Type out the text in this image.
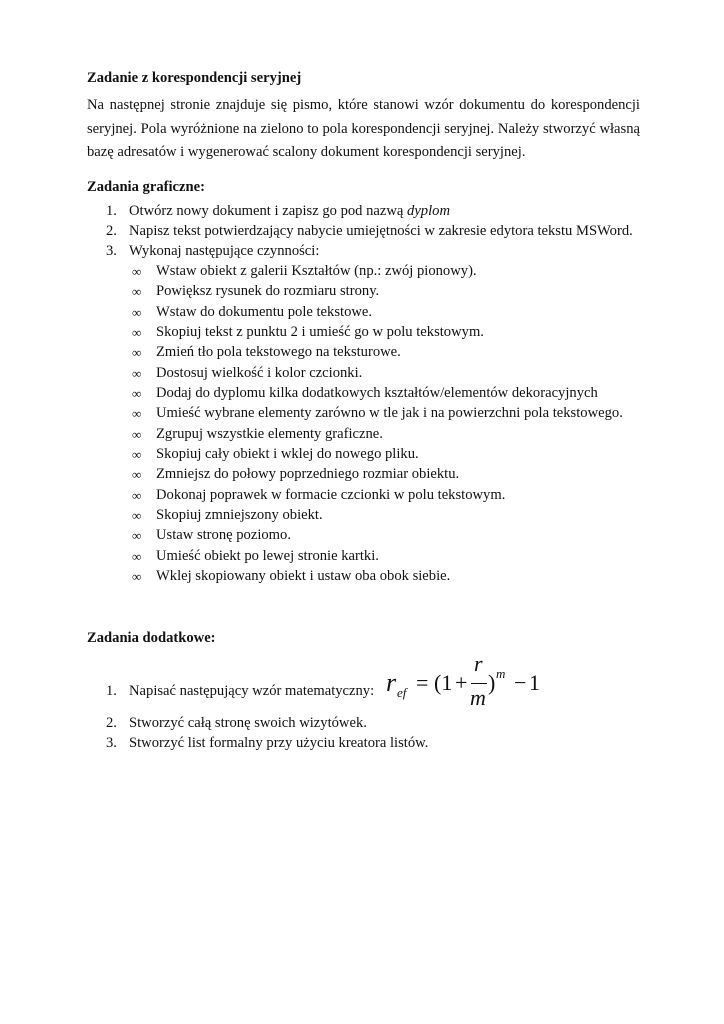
Zadanie z korespondencji seryjnej
Na następnej stronie znajduje się pismo, które stanowi wzór dokumentu do korespondencji seryjnej. Pola wyróżnione na zielono to pola korespondencji seryjnej. Należy stworzyć własną bazę adresatów i wygenerować scalony dokument korespondencji seryjnej.
Zadania graficzne:
1. Otwórz nowy dokument i zapisz go pod nazwą dyplom
2. Napisz tekst potwierdzający nabycie umiejętności w zakresie edytora tekstu MSWord.
3. Wykonaj następujące czynności:
∞ Wstaw obiekt z galerii Kształtów (np.: zwój pionowy).
∞ Powiększ rysunek do rozmiaru strony.
∞ Wstaw do dokumentu pole tekstowe.
∞ Skopiuj tekst z punktu 2 i umieść go w polu tekstowym.
∞ Zmień tło pola tekstowego na teksturowe.
∞ Dostosuj wielkość i kolor czcionki.
∞ Dodaj do dyplomu kilka dodatkowych kształtów/elementów dekoracyjnych
∞ Umieść wybrane elementy zarówno w tle jak i na powierzchni pola tekstowego.
∞ Zgrupuj wszystkie elementy graficzne.
∞ Skopiuj cały obiekt i wklej do nowego pliku.
∞ Zmniejsz do połowy poprzedniego rozmiar obiektu.
∞ Dokonaj poprawek w formacie czcionki w polu tekstowym.
∞ Skopiuj zmniejszony obiekt.
∞ Ustaw stronę poziomo.
∞ Umieść obiekt po lewej stronie kartki.
∞ Wklej skopiowany obiekt i ustaw oba obok siebie.
Zadania dodatkowe:
1. Napisać następujący wzór matematyczny: r ef = (1 +
r
m
) m − 1
2. Stworzyć całą stronę swoich wizytówek.
3. Stworzyć list formalny przy użyciu kreatora listów.
